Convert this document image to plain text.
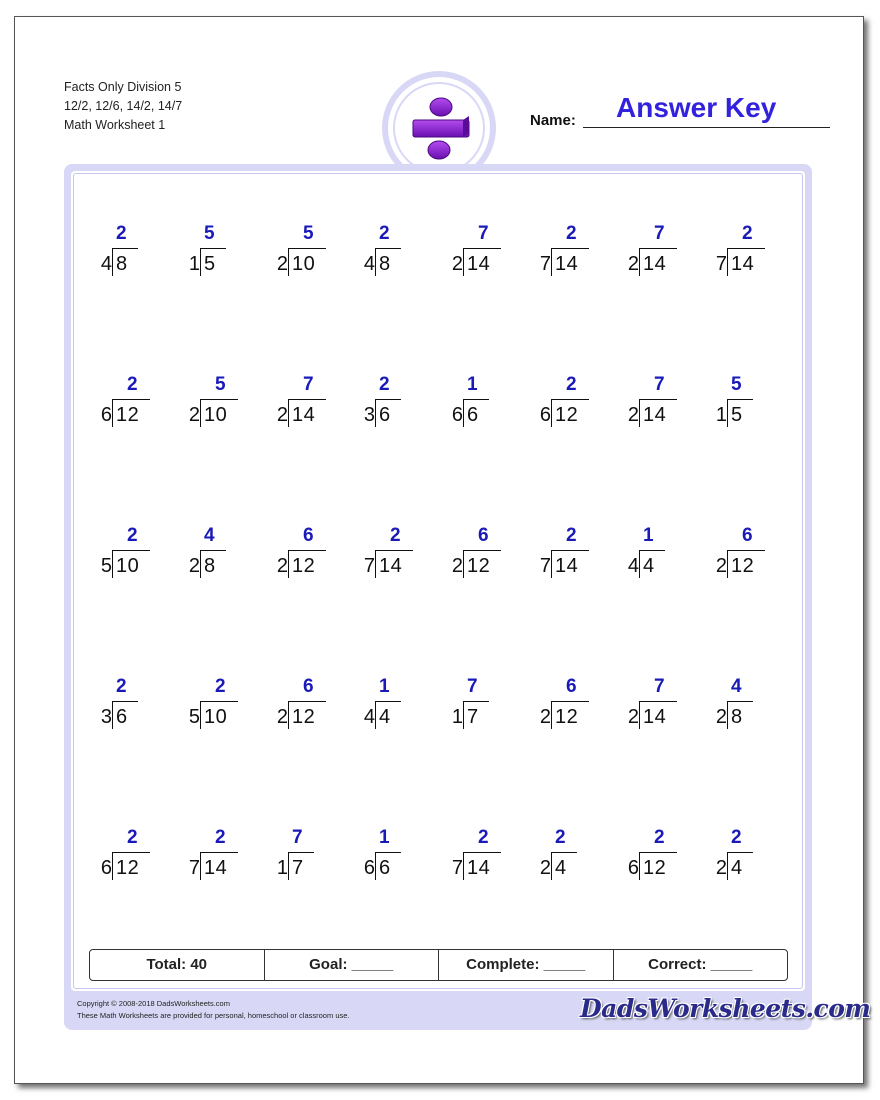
Facts Only Division 5
12/2, 12/6, 14/2, 14/7
Math Worksheet 1	Name: Answer Key
4 8
2
1 5
5
2 10
5
4 8
2
2 14
7
7 14
2
2 14
7
7 14
2
6 12
2
2 10
5
2 14
7
3 6
2
6 6
1
6 12
2
2 14
7
1 5
5
5 10
2
2 8
4
2 12
6
7 14
2
2 12
6
7 14
2
4 4
1
2 12
6
3 6
2
5 10
2
2 12
6
4 4
1
1 7
7
2 12
6
2 14
7
2 8
4
6 12
2
7 14
2
1 7
7
6 6
1
7 14
2
2 4
2
6 12
2
2 4
2
Total: 40	Goal: _____	Complete: _____	Correct: _____
Copyright © 2008-2018 DadsWorksheets.com
These Math Worksheets are provided for personal, homeschool or classroom use.	DadsWorksheets.com
